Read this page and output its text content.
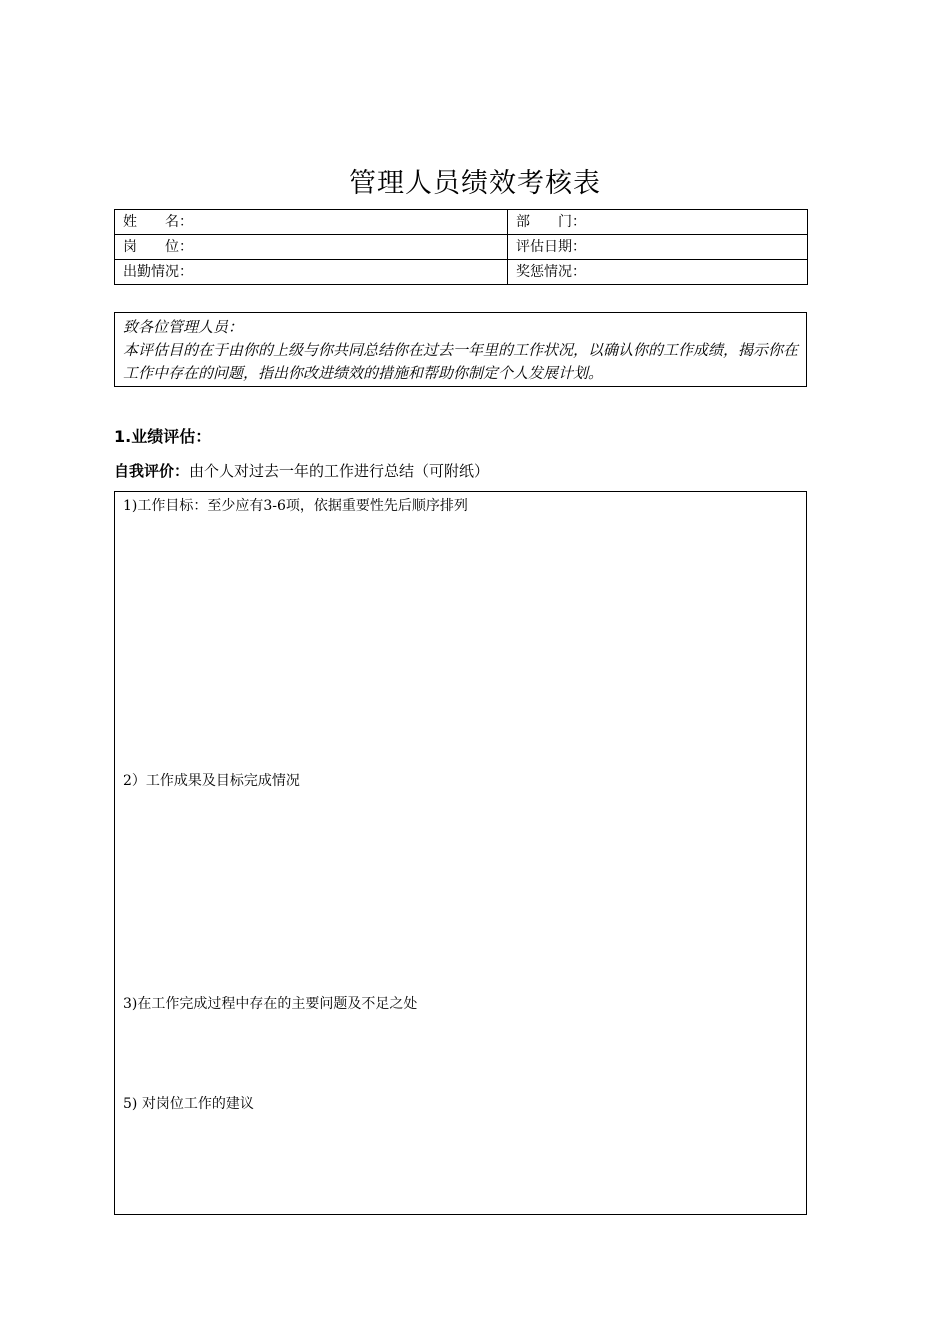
管理人员绩效考核表
姓　　名：	部　　门：
岗　　位：	评估日期：
出勤情况：	奖惩情况：
致各位管理人员：
本评估目的在于由你的上级与你共同总结你在过去一年里的工作状况，以确认你的工作成绩，揭示你在工作中存在的问题，指出你改进绩效的措施和帮助你制定个人发展计划。
1.业绩评估：
自我评价：由个人对过去一年的工作进行总结（可附纸）
1)工作目标：至少应有3-6项，依据重要性先后顺序排列
2）工作成果及目标完成情况
3)在工作完成过程中存在的主要问题及不足之处
5) 对岗位工作的建议
